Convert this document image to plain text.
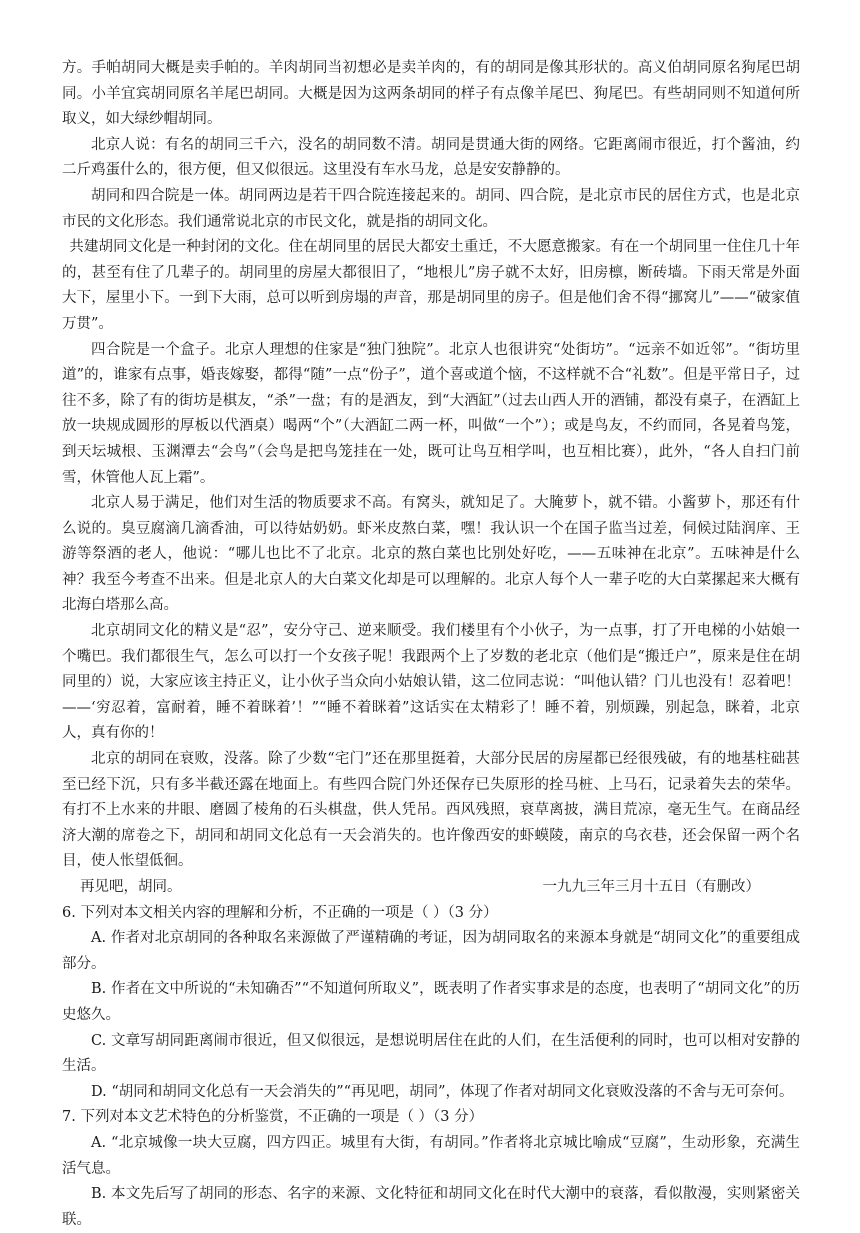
方。手帕胡同大概是卖手帕的。羊肉胡同当初想必是卖羊肉的，有的胡同是像其形状的。高义伯胡同原名狗尾巴胡同。小羊宜宾胡同原名羊尾巴胡同。大概是因为这两条胡同的样子有点像羊尾巴、狗尾巴。有些胡同则不知道何所取义，如大绿纱帽胡同。

北京人说：有名的胡同三千六，没名的胡同数不清。胡同是贯通大街的网络。它距离闹市很近，打个酱油，约二斤鸡蛋什么的，很方便，但又似很远。这里没有车水马龙，总是安安静静的。

胡同和四合院是一体。胡同两边是若干四合院连接起来的。胡同、四合院，是北京市民的居住方式，也是北京市民的文化形态。我们通常说北京的市民文化，就是指的胡同文化。

共建胡同文化是一种封闭的文化。住在胡同里的居民大都安土重迁，不大愿意搬家。有在一个胡同里一住住几十年的，甚至有住了几辈子的。胡同里的房屋大都很旧了，“地根儿”房子就不太好，旧房檩，断砖墙。下雨天常是外面大下，屋里小下。一到下大雨，总可以听到房塌的声音，那是胡同里的房子。但是他们舍不得“挪窝儿”——“破家值万贯”。

四合院是一个盒子。北京人理想的住家是“独门独院”。北京人也很讲究“处街坊”。“远亲不如近邻”。“街坊里道”的，谁家有点事，婚丧嫁娶，都得“随”一点“份子”，道个喜或道个恼，不这样就不合“礼数”。但是平常日子，过往不多，除了有的街坊是棋友，“杀”一盘；有的是酒友，到“大酒缸”（过去山西人开的酒铺，都没有桌子，在酒缸上放一块规成圆形的厚板以代酒桌）喝两“个”（大酒缸二两一杯，叫做“一个”）；或是鸟友，不约而同，各晃着鸟笼，到天坛城根、玉渊潭去“会鸟”（会鸟是把鸟笼挂在一处，既可让鸟互相学叫，也互相比赛），此外，“各人自扫门前雪，休管他人瓦上霜”。

北京人易于满足，他们对生活的物质要求不高。有窝头，就知足了。大腌萝卜，就不错。小酱萝卜，那还有什么说的。臭豆腐滴几滴香油，可以待姑奶奶。虾米皮熬白菜，嘿！我认识一个在国子监当过差，伺候过陆润庠、王游等祭酒的老人，他说：“哪儿也比不了北京。北京的熬白菜也比别处好吃，——五味神在北京”。五味神是什么神？我至今考查不出来。但是北京人的大白菜文化却是可以理解的。北京人每个人一辈子吃的大白菜摞起来大概有北海白塔那么高。

北京胡同文化的精义是“忍”，安分守己、逆来顺受。我们楼里有个小伙子，为一点事，打了开电梯的小姑娘一个嘴巴。我们都很生气，怎么可以打一个女孩子呢！我跟两个上了岁数的老北京（他们是“搬迁户”，原来是住在胡同里的）说，大家应该主持正义，让小伙子当众向小姑娘认错，这二位同志说：“叫他认错？门儿也没有！忍着吧！——‘穷忍着，富耐着，睡不着眯着’！”“睡不着眯着”这话实在太精彩了！睡不着，别烦躁，别起急，眯着，北京人，真有你的！

北京的胡同在衰败，没落。除了少数“宅门”还在那里挺着，大部分民居的房屋都已经很残破，有的地基柱础甚至已经下沉，只有多半截还露在地面上。有些四合院门外还保存已失原形的拴马桩、上马石，记录着失去的荣华。有打不上水来的井眼、磨圆了棱角的石头棋盘，供人凭吊。西风残照，衰草离披，满目荒凉，毫无生气。在商品经济大潮的席卷之下，胡同和胡同文化总有一天会消失的。也许像西安的虾蟆陵，南京的乌衣巷，还会保留一两个名目，使人怅望低徊。

再见吧，胡同。	一九九三年三月十五日（有删改）

6. 下列对本文相关内容的理解和分析，不正确的一项是（ ）（3 分）

A. 作者对北京胡同的各种取名来源做了严谨精确的考证，因为胡同取名的来源本身就是“胡同文化”的重要组成部分。

B. 作者在文中所说的“未知确否”“不知道何所取义”，既表明了作者实事求是的态度，也表明了“胡同文化”的历史悠久。

C. 文章写胡同距离闹市很近，但又似很远，是想说明居住在此的人们，在生活便利的同时，也可以相对安静的生活。

D. “胡同和胡同文化总有一天会消失的”“再见吧，胡同”，体现了作者对胡同文化衰败没落的不舍与无可奈何。

7. 下列对本文艺术特色的分析鉴赏，不正确的一项是（ ）（3 分）

A. “北京城像一块大豆腐，四方四正。城里有大街，有胡同。”作者将北京城比喻成“豆腐”，生动形象，充满生活气息。

B. 本文先后写了胡同的形态、名字的来源、文化特征和胡同文化在时代大潮中的衰落，看似散漫，实则紧密关联。
